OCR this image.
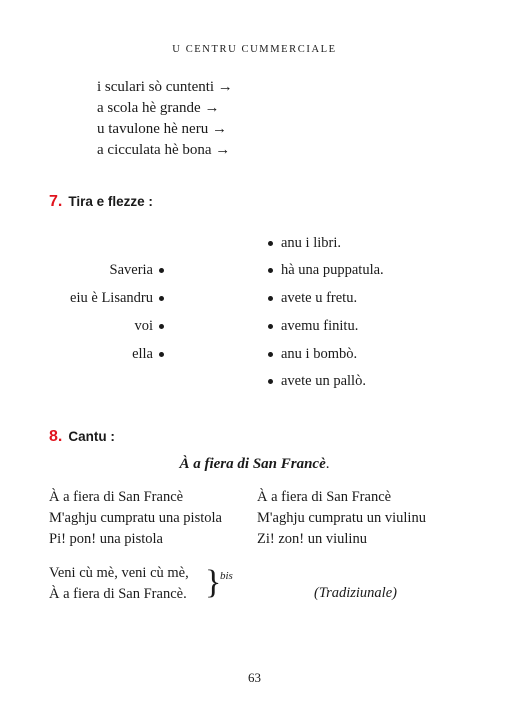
U CENTRU CUMMERCIALE
i sculari sò cuntenti →
a scola hè grande →
u tavulone hè neru →
a cicculata hè bona →
7. Tira e flezze :
Saveria
eiu è Lisandru
voi
ella
anu i libri.
hà una puppatula.
avete u fretu.
avemu finitu.
anu i bombò.
avete un pallò.
8. Cantu :
À a fiera di San Francè.
À a fiera di San Francè
M'aghju cumpratu una pistola
Pi! pon! una pistola
À a fiera di San Francè
M'aghju cumpratu un viulinu
Zi! zon! un viulinu
Veni cù mè, veni cù mè,
À a fiera di San Francè. }
bis
(Tradiziunale)
63
